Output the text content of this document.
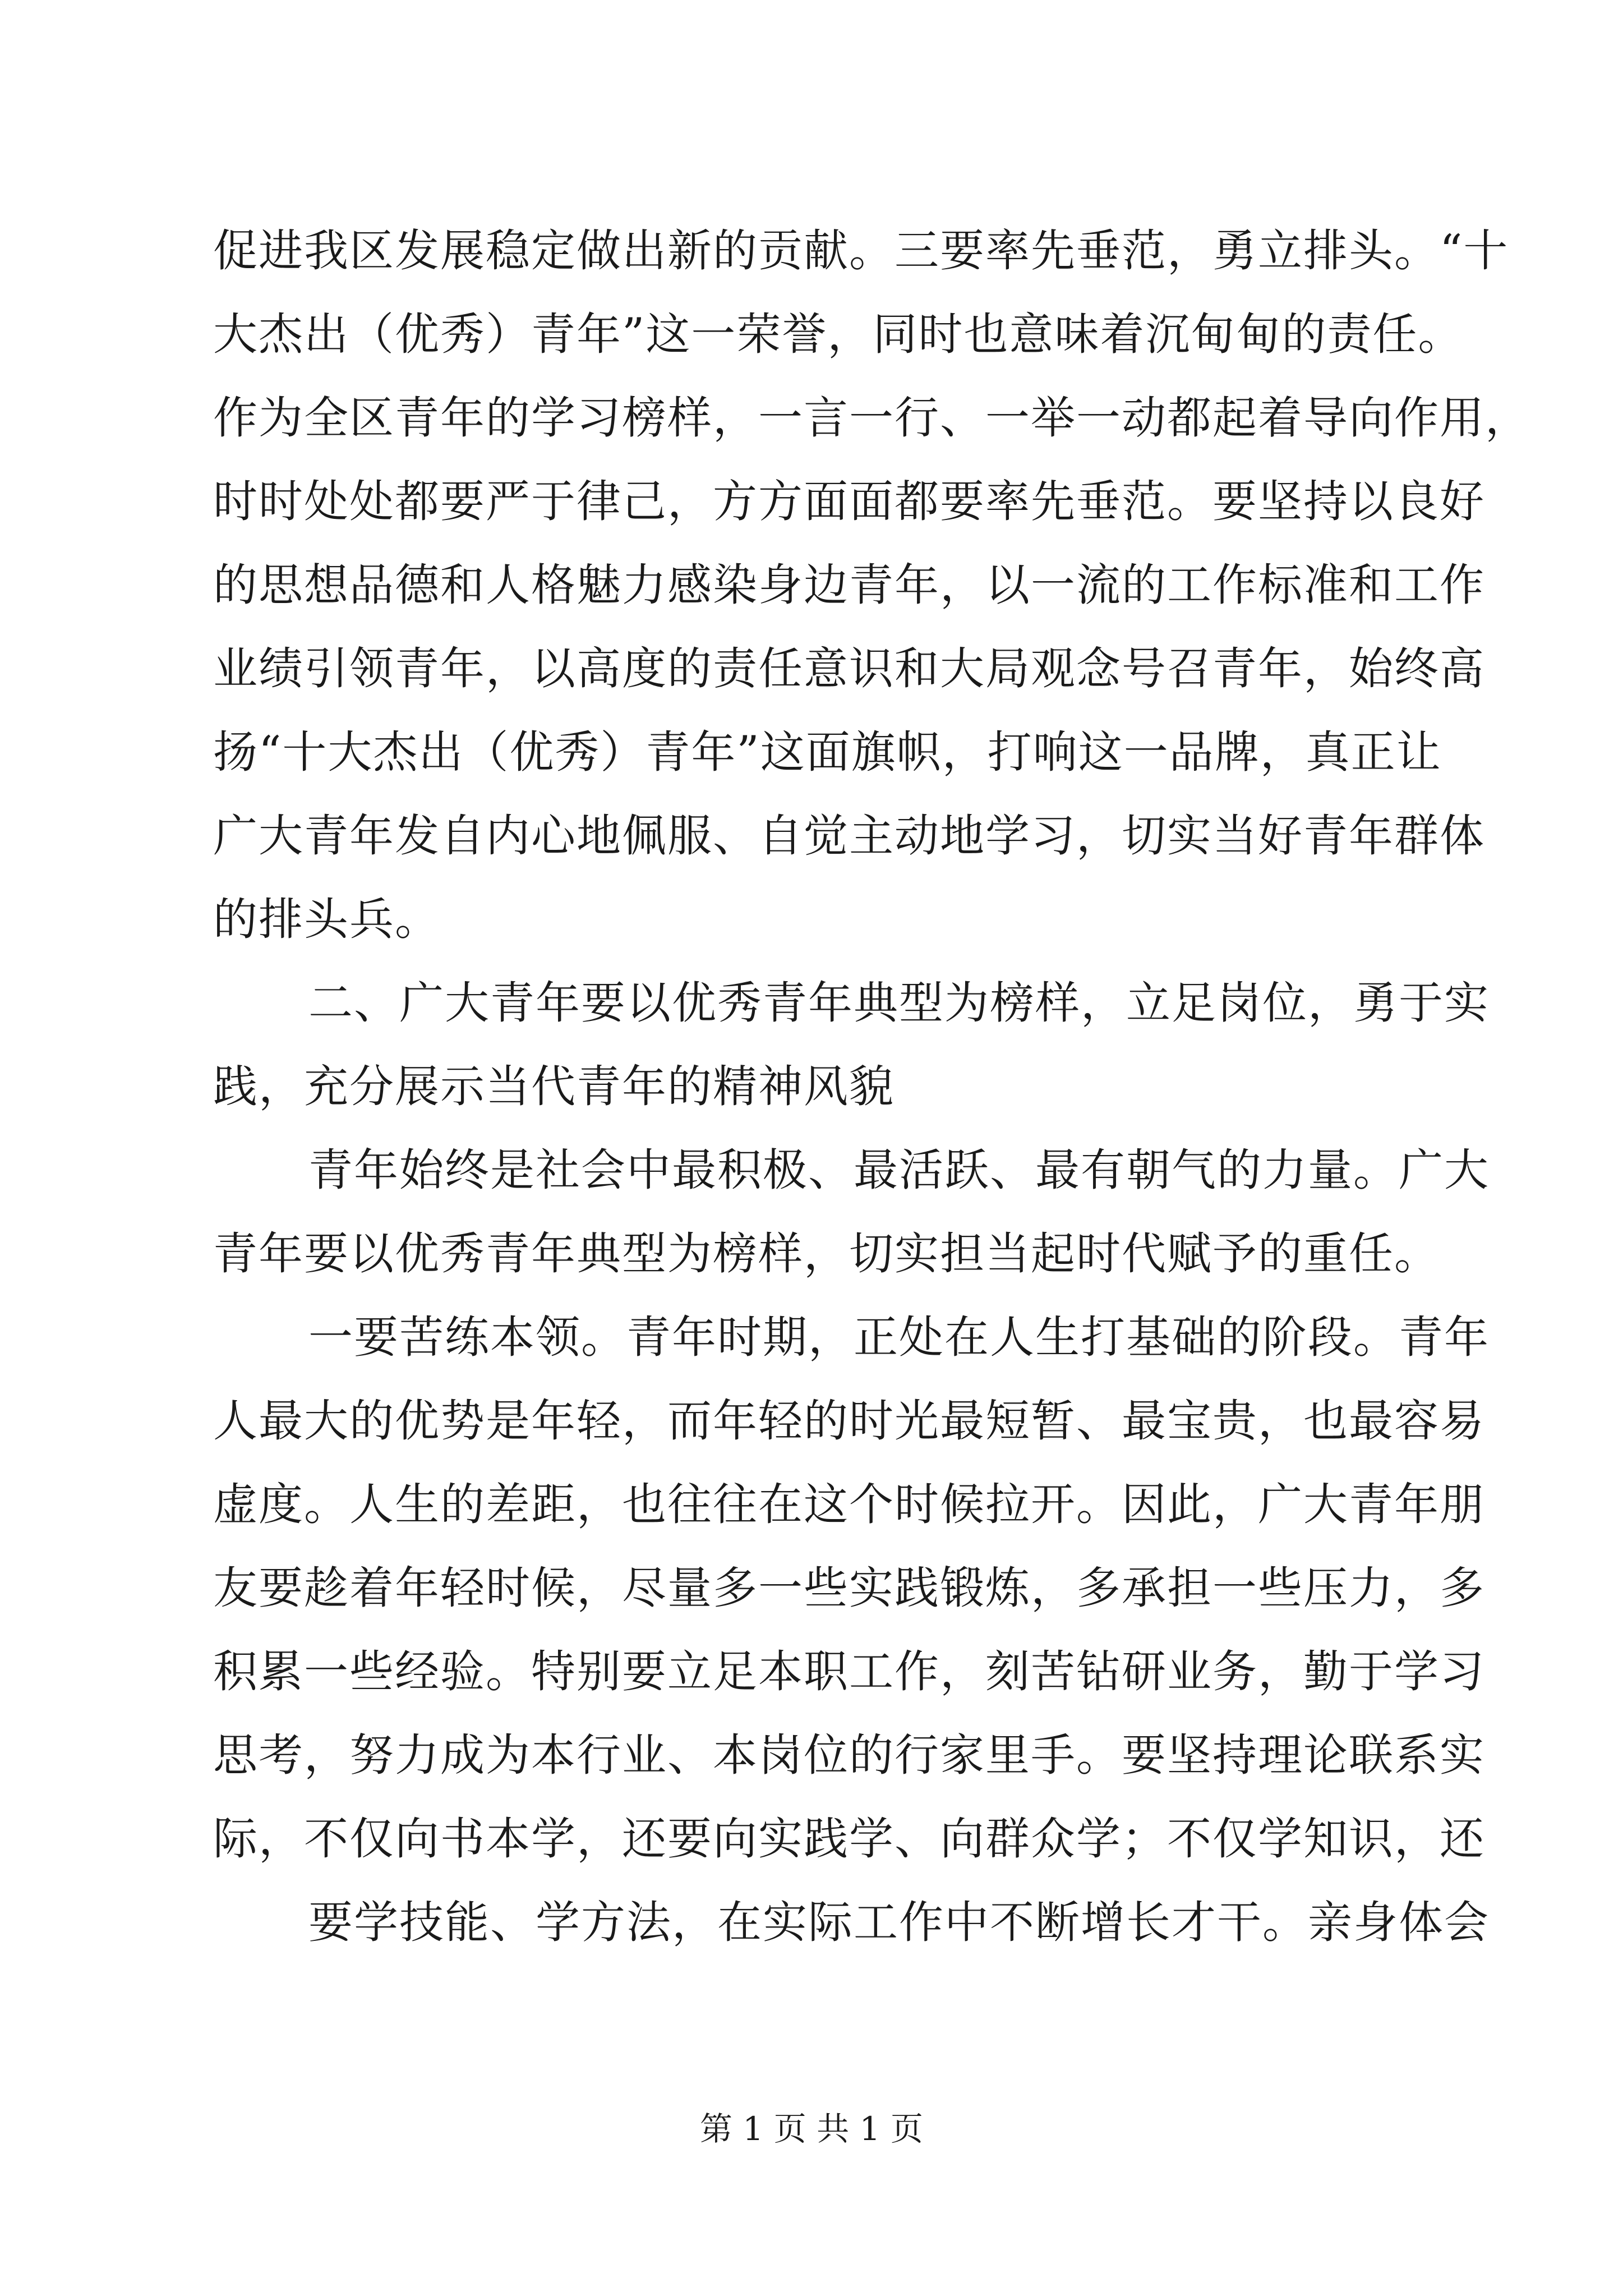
促进我区发展稳定做出新的贡献。三要率先垂范，勇立排头。“十
大杰出（优秀）青年”这一荣誉，同时也意味着沉甸甸的责任。
作为全区青年的学习榜样，一言一行、一举一动都起着导向作用，
时时处处都要严于律己，方方面面都要率先垂范。要坚持以良好
的思想品德和人格魅力感染身边青年，以一流的工作标准和工作
业绩引领青年，以高度的责任意识和大局观念号召青年，始终高
扬“十大杰出（优秀）青年”这面旗帜，打响这一品牌，真正让
广大青年发自内心地佩服、自觉主动地学习，切实当好青年群体
的排头兵。
二、广大青年要以优秀青年典型为榜样，立足岗位，勇于实
践，充分展示当代青年的精神风貌
青年始终是社会中最积极、最活跃、最有朝气的力量。广大
青年要以优秀青年典型为榜样，切实担当起时代赋予的重任。
一要苦练本领。青年时期，正处在人生打基础的阶段。青年
人最大的优势是年轻，而年轻的时光最短暂、最宝贵，也最容易
虚度。人生的差距，也往往在这个时候拉开。因此，广大青年朋
友要趁着年轻时候，尽量多一些实践锻炼，多承担一些压力，多
积累一些经验。特别要立足本职工作，刻苦钻研业务，勤于学习
思考，努力成为本行业、本岗位的行家里手。要坚持理论联系实
际，不仅向书本学，还要向实践学、向群众学；不仅学知识，还
要学技能、学方法，在实际工作中不断增长才干。亲身体会
第 1 页 共 1 页
